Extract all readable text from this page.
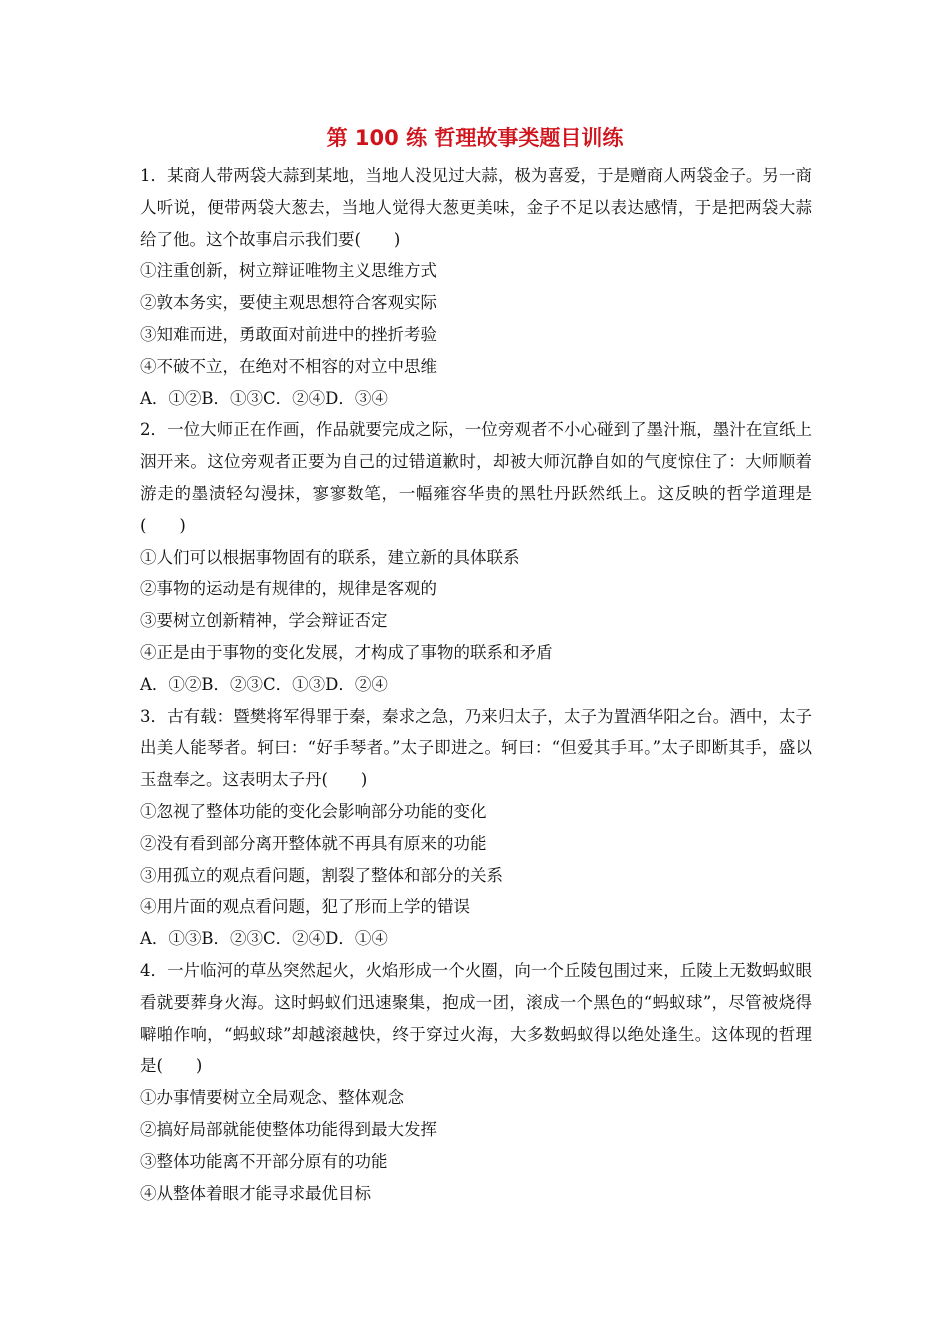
第 100 练 哲理故事类题目训练

1．某商人带两袋大蒜到某地，当地人没见过大蒜，极为喜爱，于是赠商人两袋金子。另一商人听说，便带两袋大葱去，当地人觉得大葱更美味，金子不足以表达感情，于是把两袋大蒜给了他。这个故事启示我们要(　　)

①注重创新，树立辩证唯物主义思维方式

②敦本务实，要使主观思想符合客观实际

③知难而进，勇敢面对前进中的挫折考验

④不破不立，在绝对不相容的对立中思维

A．①②B．①③C．②④D．③④

2．一位大师正在作画，作品就要完成之际，一位旁观者不小心碰到了墨汁瓶，墨汁在宣纸上洇开来。这位旁观者正要为自己的过错道歉时，却被大师沉静自如的气度惊住了：大师顺着游走的墨渍轻勾漫抹，寥寥数笔，一幅雍容华贵的黑牡丹跃然纸上。这反映的哲学道理是(　　)

①人们可以根据事物固有的联系，建立新的具体联系

②事物的运动是有规律的，规律是客观的

③要树立创新精神，学会辩证否定

④正是由于事物的变化发展，才构成了事物的联系和矛盾

A．①②B．②③C．①③D．②④

3．古有载：暨樊将军得罪于秦，秦求之急，乃来归太子，太子为置酒华阳之台。酒中，太子出美人能琴者。轲曰：“好手琴者。”太子即进之。轲曰：“但爱其手耳。”太子即断其手，盛以玉盘奉之。这表明太子丹(　　)

①忽视了整体功能的变化会影响部分功能的变化

②没有看到部分离开整体就不再具有原来的功能

③用孤立的观点看问题，割裂了整体和部分的关系

④用片面的观点看问题，犯了形而上学的错误

A．①③B．②③C．②④D．①④

4．一片临河的草丛突然起火，火焰形成一个火圈，向一个丘陵包围过来，丘陵上无数蚂蚁眼看就要葬身火海。这时蚂蚁们迅速聚集，抱成一团，滚成一个黑色的“蚂蚁球”，尽管被烧得噼啪作响，“蚂蚁球”却越滚越快，终于穿过火海，大多数蚂蚁得以绝处逢生。这体现的哲理是(　　)

①办事情要树立全局观念、整体观念

②搞好局部就能使整体功能得到最大发挥

③整体功能离不开部分原有的功能

④从整体着眼才能寻求最优目标
